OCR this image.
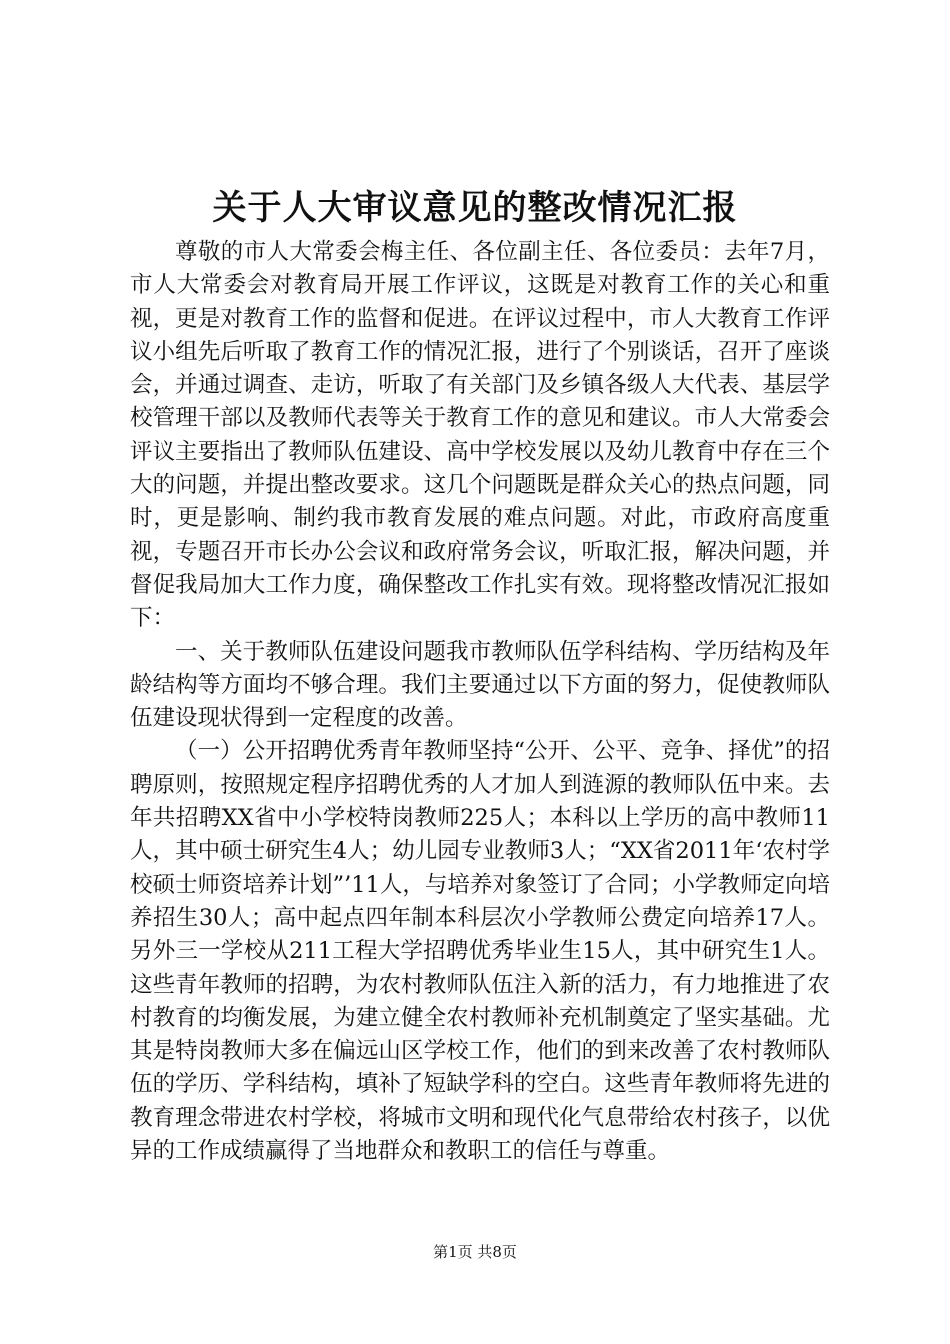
关于人大审议意见的整改情况汇报

尊敬的市人大常委会梅主任、各位副主任、各位委员：去年7月，市人大常委会对教育局开展工作评议，这既是对教育工作的关心和重视，更是对教育工作的监督和促进。在评议过程中，市人大教育工作评议小组先后听取了教育工作的情况汇报，进行了个别谈话，召开了座谈会，并通过调查、走访，听取了有关部门及乡镇各级人大代表、基层学校管理干部以及教师代表等关于教育工作的意见和建议。市人大常委会评议主要指出了教师队伍建设、高中学校发展以及幼儿教育中存在三个大的问题，并提出整改要求。这几个问题既是群众关心的热点问题，同时，更是影响、制约我市教育发展的难点问题。对此，市政府高度重视，专题召开市长办公会议和政府常务会议，听取汇报，解决问题，并督促我局加大工作力度，确保整改工作扎实有效。现将整改情况汇报如下：

一、关于教师队伍建设问题我市教师队伍学科结构、学历结构及年龄结构等方面均不够合理。我们主要通过以下方面的努力，促使教师队伍建设现状得到一定程度的改善。

（一）公开招聘优秀青年教师坚持“公开、公平、竞争、择优”的招聘原则，按照规定程序招聘优秀的人才加人到涟源的教师队伍中来。去年共招聘XX省中小学校特岗教师225人；本科以上学历的高中教师11人，其中硕士研究生4人；幼儿园专业教师3人；“XX省2011年‘农村学校硕士师资培养计划”’11人，与培养对象签订了合同；小学教师定向培养招生30人；高中起点四年制本科层次小学教师公费定向培养17人。另外三一学校从211工程大学招聘优秀毕业生15人，其中研究生1人。这些青年教师的招聘，为农村教师队伍注入新的活力，有力地推进了农村教育的均衡发展，为建立健全农村教师补充机制奠定了坚实基础。尤其是特岗教师大多在偏远山区学校工作，他们的到来改善了农村教师队伍的学历、学科结构，填补了短缺学科的空白。这些青年教师将先进的教育理念带进农村学校，将城市文明和现代化气息带给农村孩子，以优异的工作成绩赢得了当地群众和教职工的信任与尊重。

第1页 共8页
